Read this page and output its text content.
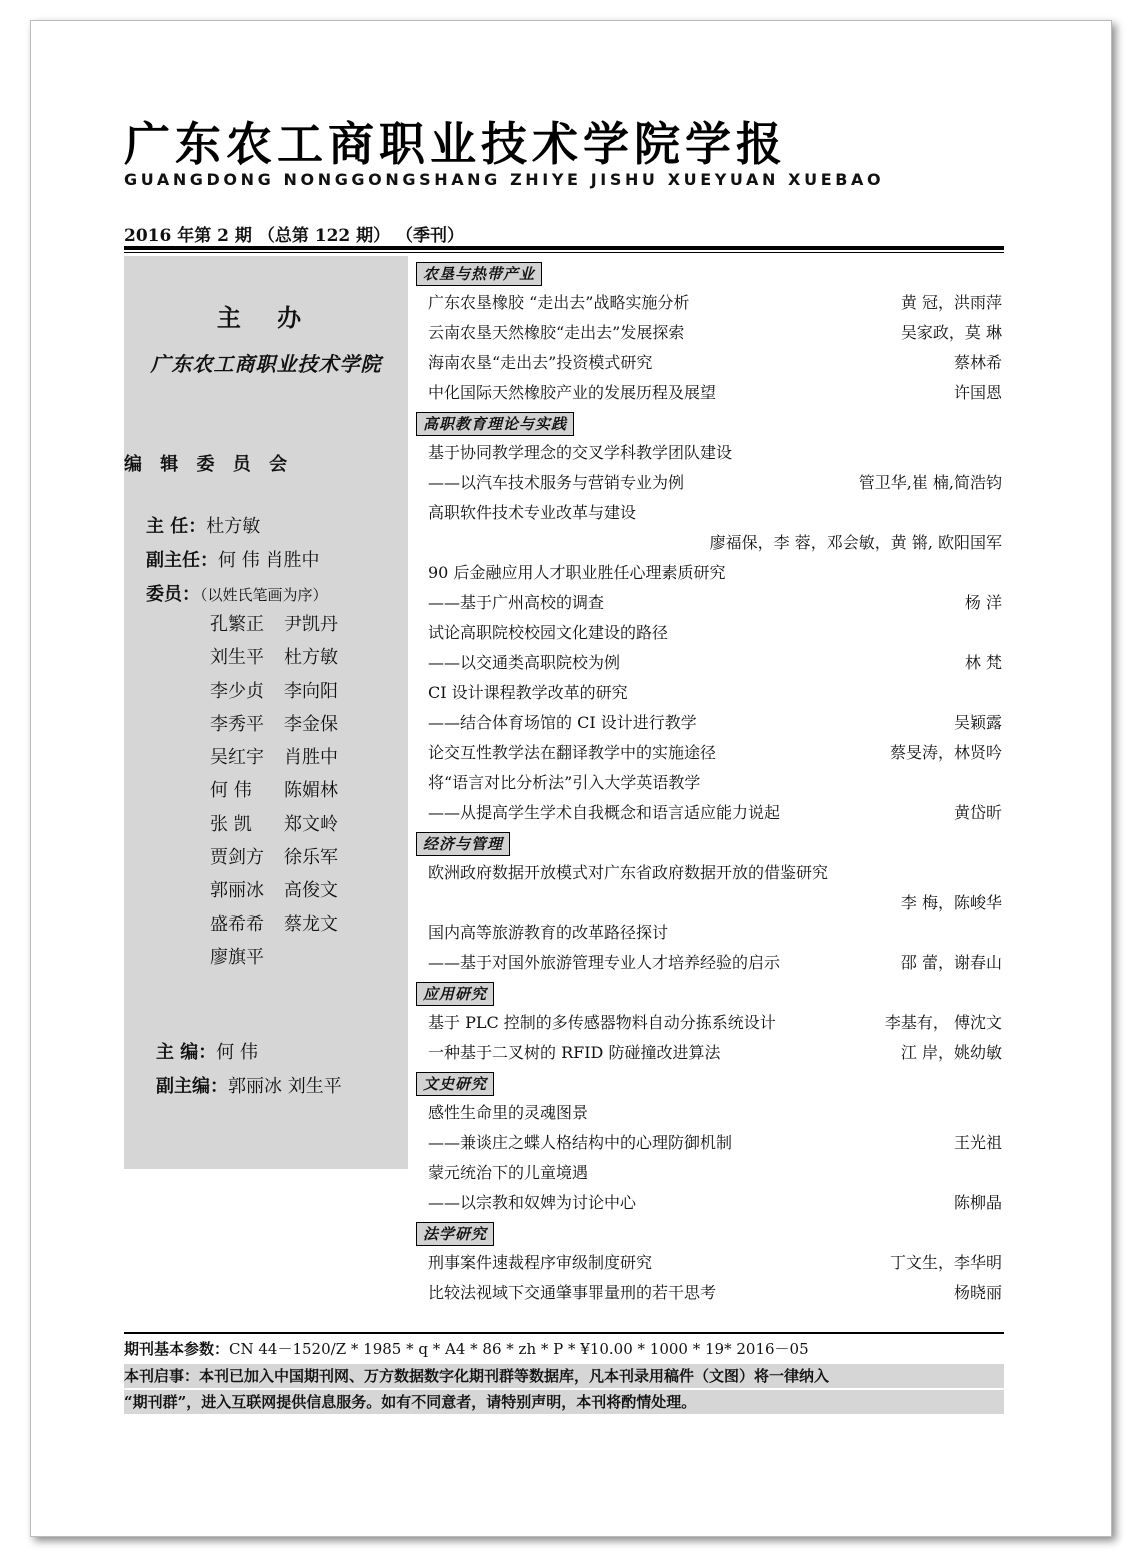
广东农工商职业技术学院学报
GUANGDONG NONGGONGSHANG ZHIYE JISHU XUEYUAN XUEBAO
2016 年第 2 期 （总第 122 期） （季刊）
主 办
广东农工商职业技术学院
编 辑 委 员 会
主 任：杜方敏
副主任：何 伟 肖胜中
委员：（以姓氏笔画为序）
孔繁正 尹凯丹
刘生平 杜方敏
李少贞 李向阳
李秀平 李金保
吴红宇 肖胜中
何 伟 陈媚林
张 凯 郑文岭
贾剑方 徐乐军
郭丽冰 高俊文
盛希希 蔡龙文
廖旗平
主 编：何 伟
副主编：郭丽冰 刘生平
农垦与热带产业
广东农垦橡胶 “走出去”战略实施分析	黄 冠，洪雨萍
云南农垦天然橡胶“走出去”发展探索	吴家政，莫 琳
海南农垦“走出去”投资模式研究	蔡林希
中化国际天然橡胶产业的发展历程及展望	许国恩
高职教育理论与实践
基于协同教学理念的交叉学科教学团队建设
——以汽车技术服务与营销专业为例	管卫华,崔 楠,简浩钧
高职软件技术专业改革与建设
廖福保，李 蓉，邓会敏，黄 锵, 欧阳国军
90 后金融应用人才职业胜任心理素质研究
——基于广州高校的调查	杨 洋
试论高职院校校园文化建设的路径
——以交通类高职院校为例	林 梵
CI 设计课程教学改革的研究
——结合体育场馆的 CI 设计进行教学	吴颖露
论交互性教学法在翻译教学中的实施途径	蔡旻涛，林贤吟
将“语言对比分析法”引入大学英语教学
——从提高学生学术自我概念和语言适应能力说起	黄岱昕
经济与管理
欧洲政府数据开放模式对广东省政府数据开放的借鉴研究
李 梅，陈峻华
国内高等旅游教育的改革路径探讨
——基于对国外旅游管理专业人才培养经验的启示	邵 蕾，谢春山
应用研究
基于 PLC 控制的多传感器物料自动分拣系统设计	李基有， 傅沈文
一种基于二叉树的 RFID 防碰撞改进算法	江 岸，姚幼敏
文史研究
感性生命里的灵魂图景
——兼谈庄之蝶人格结构中的心理防御机制	王光祖
蒙元统治下的儿童境遇
——以宗教和奴婢为讨论中心	陈柳晶
法学研究
刑事案件速裁程序审级制度研究	丁文生，李华明
比较法视域下交通肇事罪量刑的若干思考	杨晓丽
期刊基本参数：CN 44－1520/Z * 1985 * q * A4 * 86 * zh * P * ¥10.00 * 1000 * 19* 2016－05
本刊启事：本刊已加入中国期刊网、万方数据数字化期刊群等数据库，凡本刊录用稿件（文图）将一律纳入
“期刊群”，进入互联网提供信息服务。如有不同意者，请特别声明，本刊将酌情处理。
